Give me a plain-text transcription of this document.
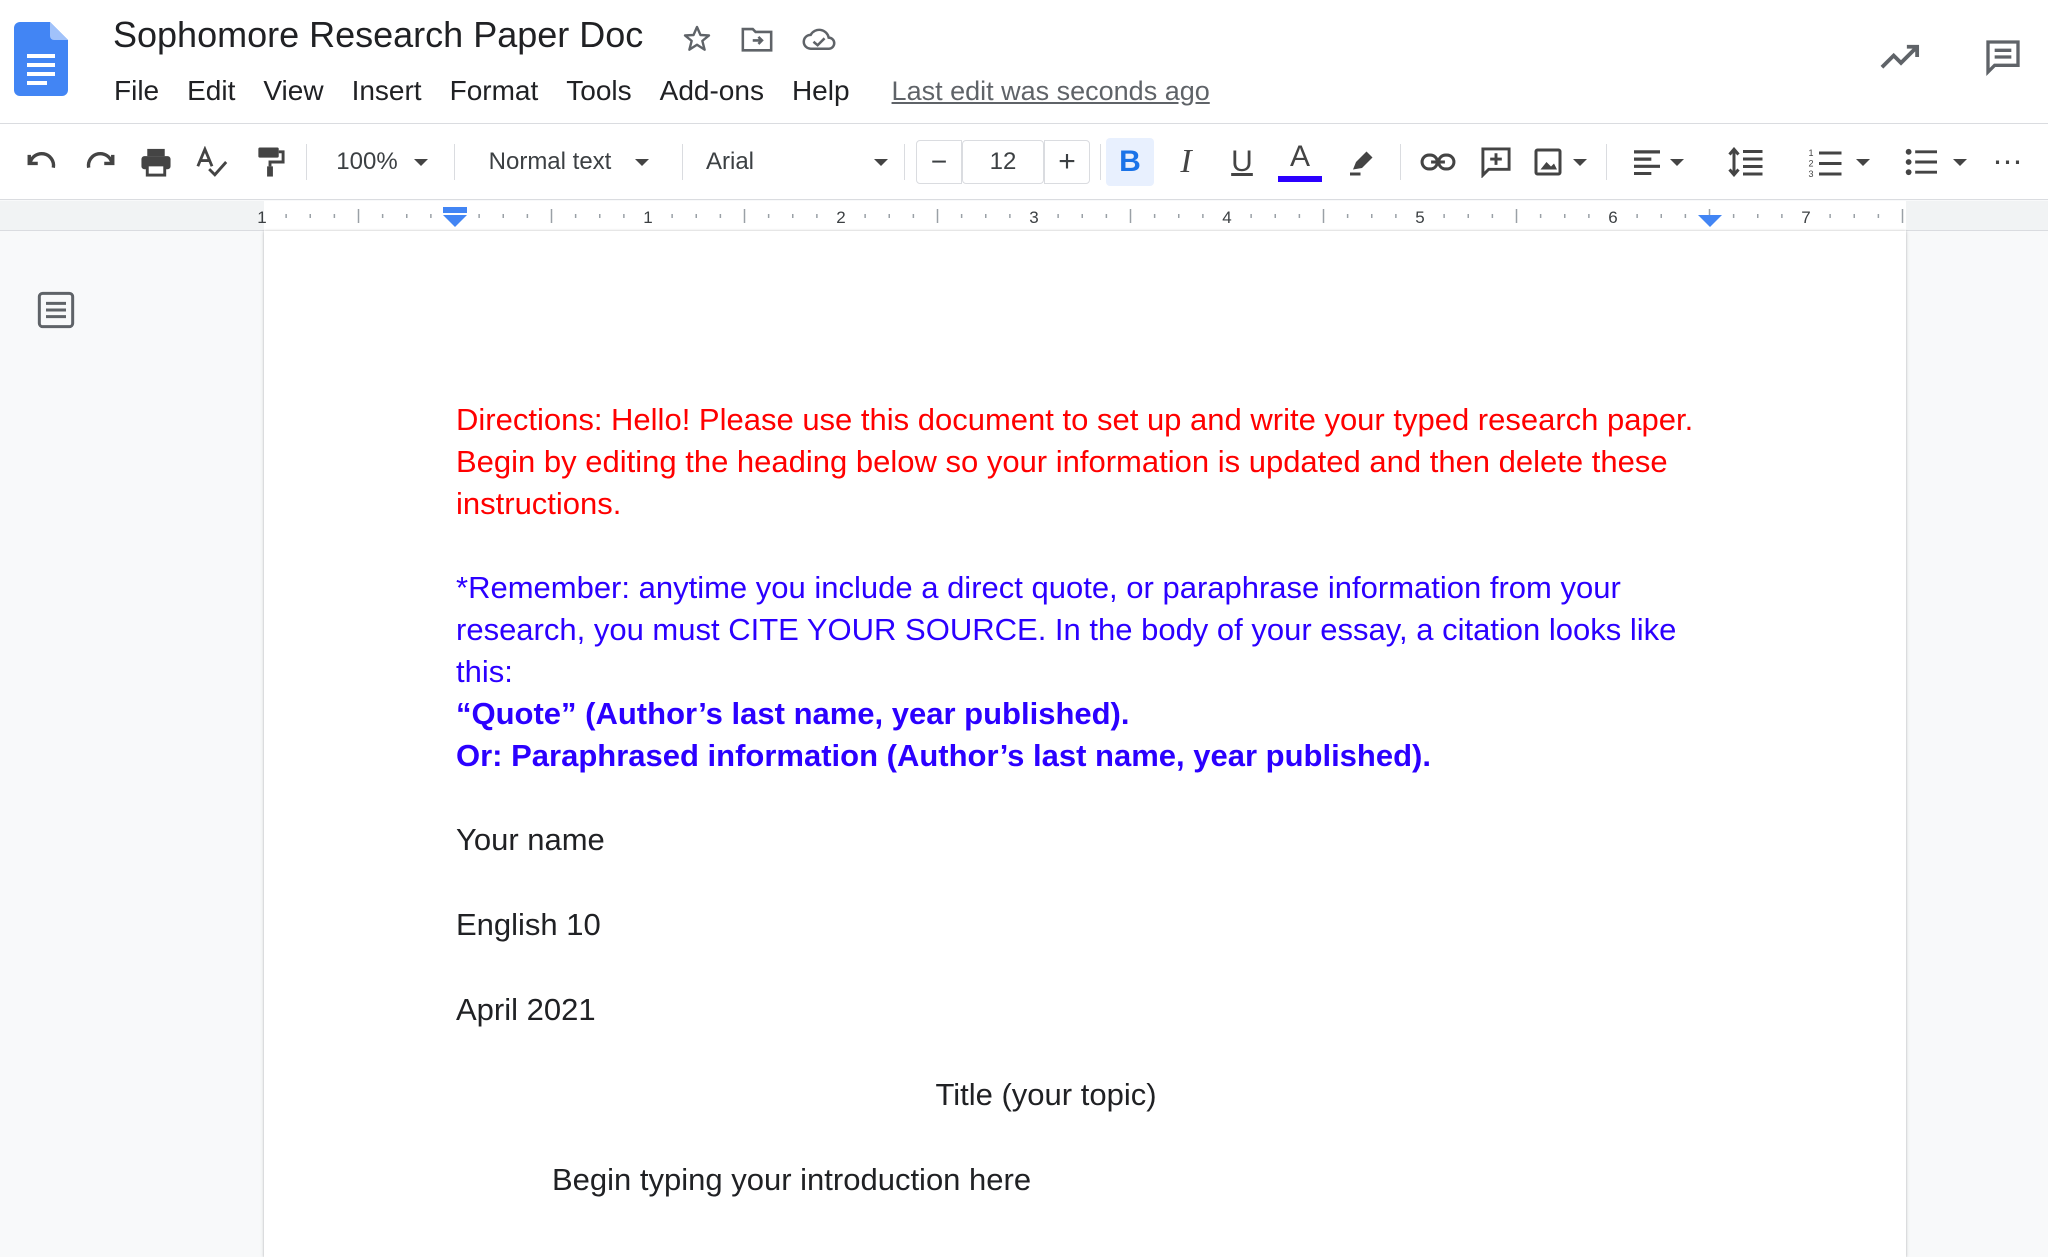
Sophomore Research Paper Doc
File	Edit	View	Insert	Format	Tools	Add-ons	Help	Last edit was seconds ago
100%	Normal text	Arial	−	12	+ B I U A	1
2
3	⋯
1	1	2	3	4	5	6	7

Directions: Hello! Please use this document to set up and write your typed research paper. Begin by editing the heading below so your information is updated and then delete these instructions.

*Remember: anytime you include a direct quote, or paraphrase information from your research, you must CITE YOUR SOURCE. In the body of your essay, a citation looks like this:

“Quote” (Author’s last name, year published).

Or: Paraphrased information (Author’s last name, year published).

Your name

English 10

April 2021

Title (your topic)

Begin typing your introduction here
